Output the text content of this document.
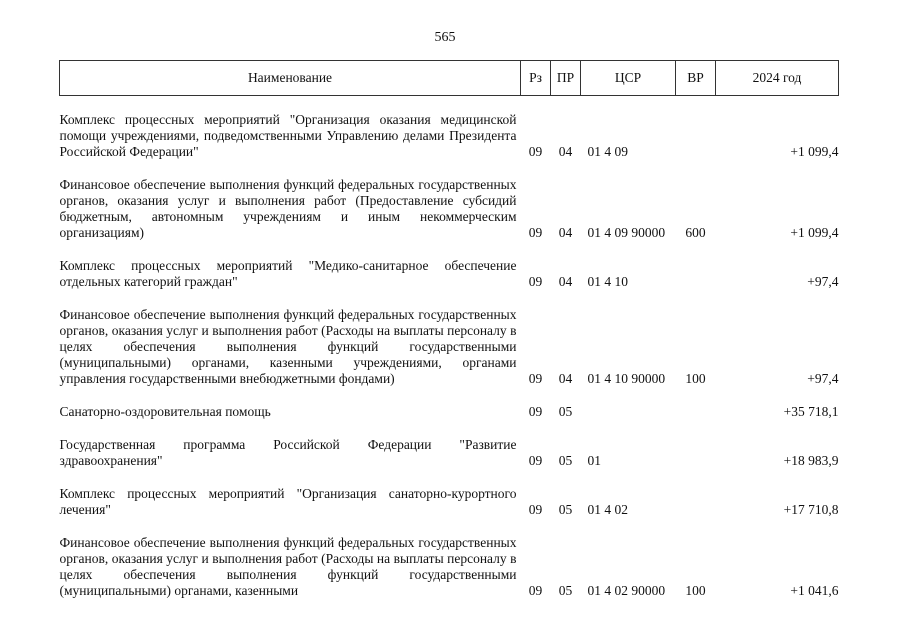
565
Наименование	Рз	ПР	ЦСР	ВР	2024 год

Комплекс процессных мероприятий "Организация оказания медицинской помощи учреждениями, подведомственными Управлению делами Президента Российской Федерации"	09	04	01 4 09		+1 099,4

Финансовое обеспечение выполнения функций федеральных государственных органов, оказания услуг и выполнения работ (Предоставление субсидий бюджетным, автономным учреждениям и иным некоммерческим организациям)	09	04	01 4 09 90000	600	+1 099,4

Комплекс процессных мероприятий "Медико-санитарное обеспечение отдельных категорий граждан"	09	04	01 4 10		+97,4

Финансовое обеспечение выполнения функций федеральных государственных органов, оказания услуг и выполнения работ (Расходы на выплаты персоналу в целях обеспечения выполнения функций государственными (муниципальными) органами, казенными учреждениями, органами управления государственными внебюджетными фондами)	09	04	01 4 10 90000	100	+97,4

Санаторно-оздоровительная помощь	09	05			+35 718,1

Государственная программа Российской Федерации "Развитие здравоохранения"	09	05	01		+18 983,9

Комплекс процессных мероприятий "Организация санаторно-курортного лечения"	09	05	01 4 02		+17 710,8

Финансовое обеспечение выполнения функций федеральных государственных органов, оказания услуг и выполнения работ (Расходы на выплаты персоналу в целях обеспечения выполнения функций государственными (муниципальными) органами, казенными	09	05	01 4 02 90000	100	+1 041,6
